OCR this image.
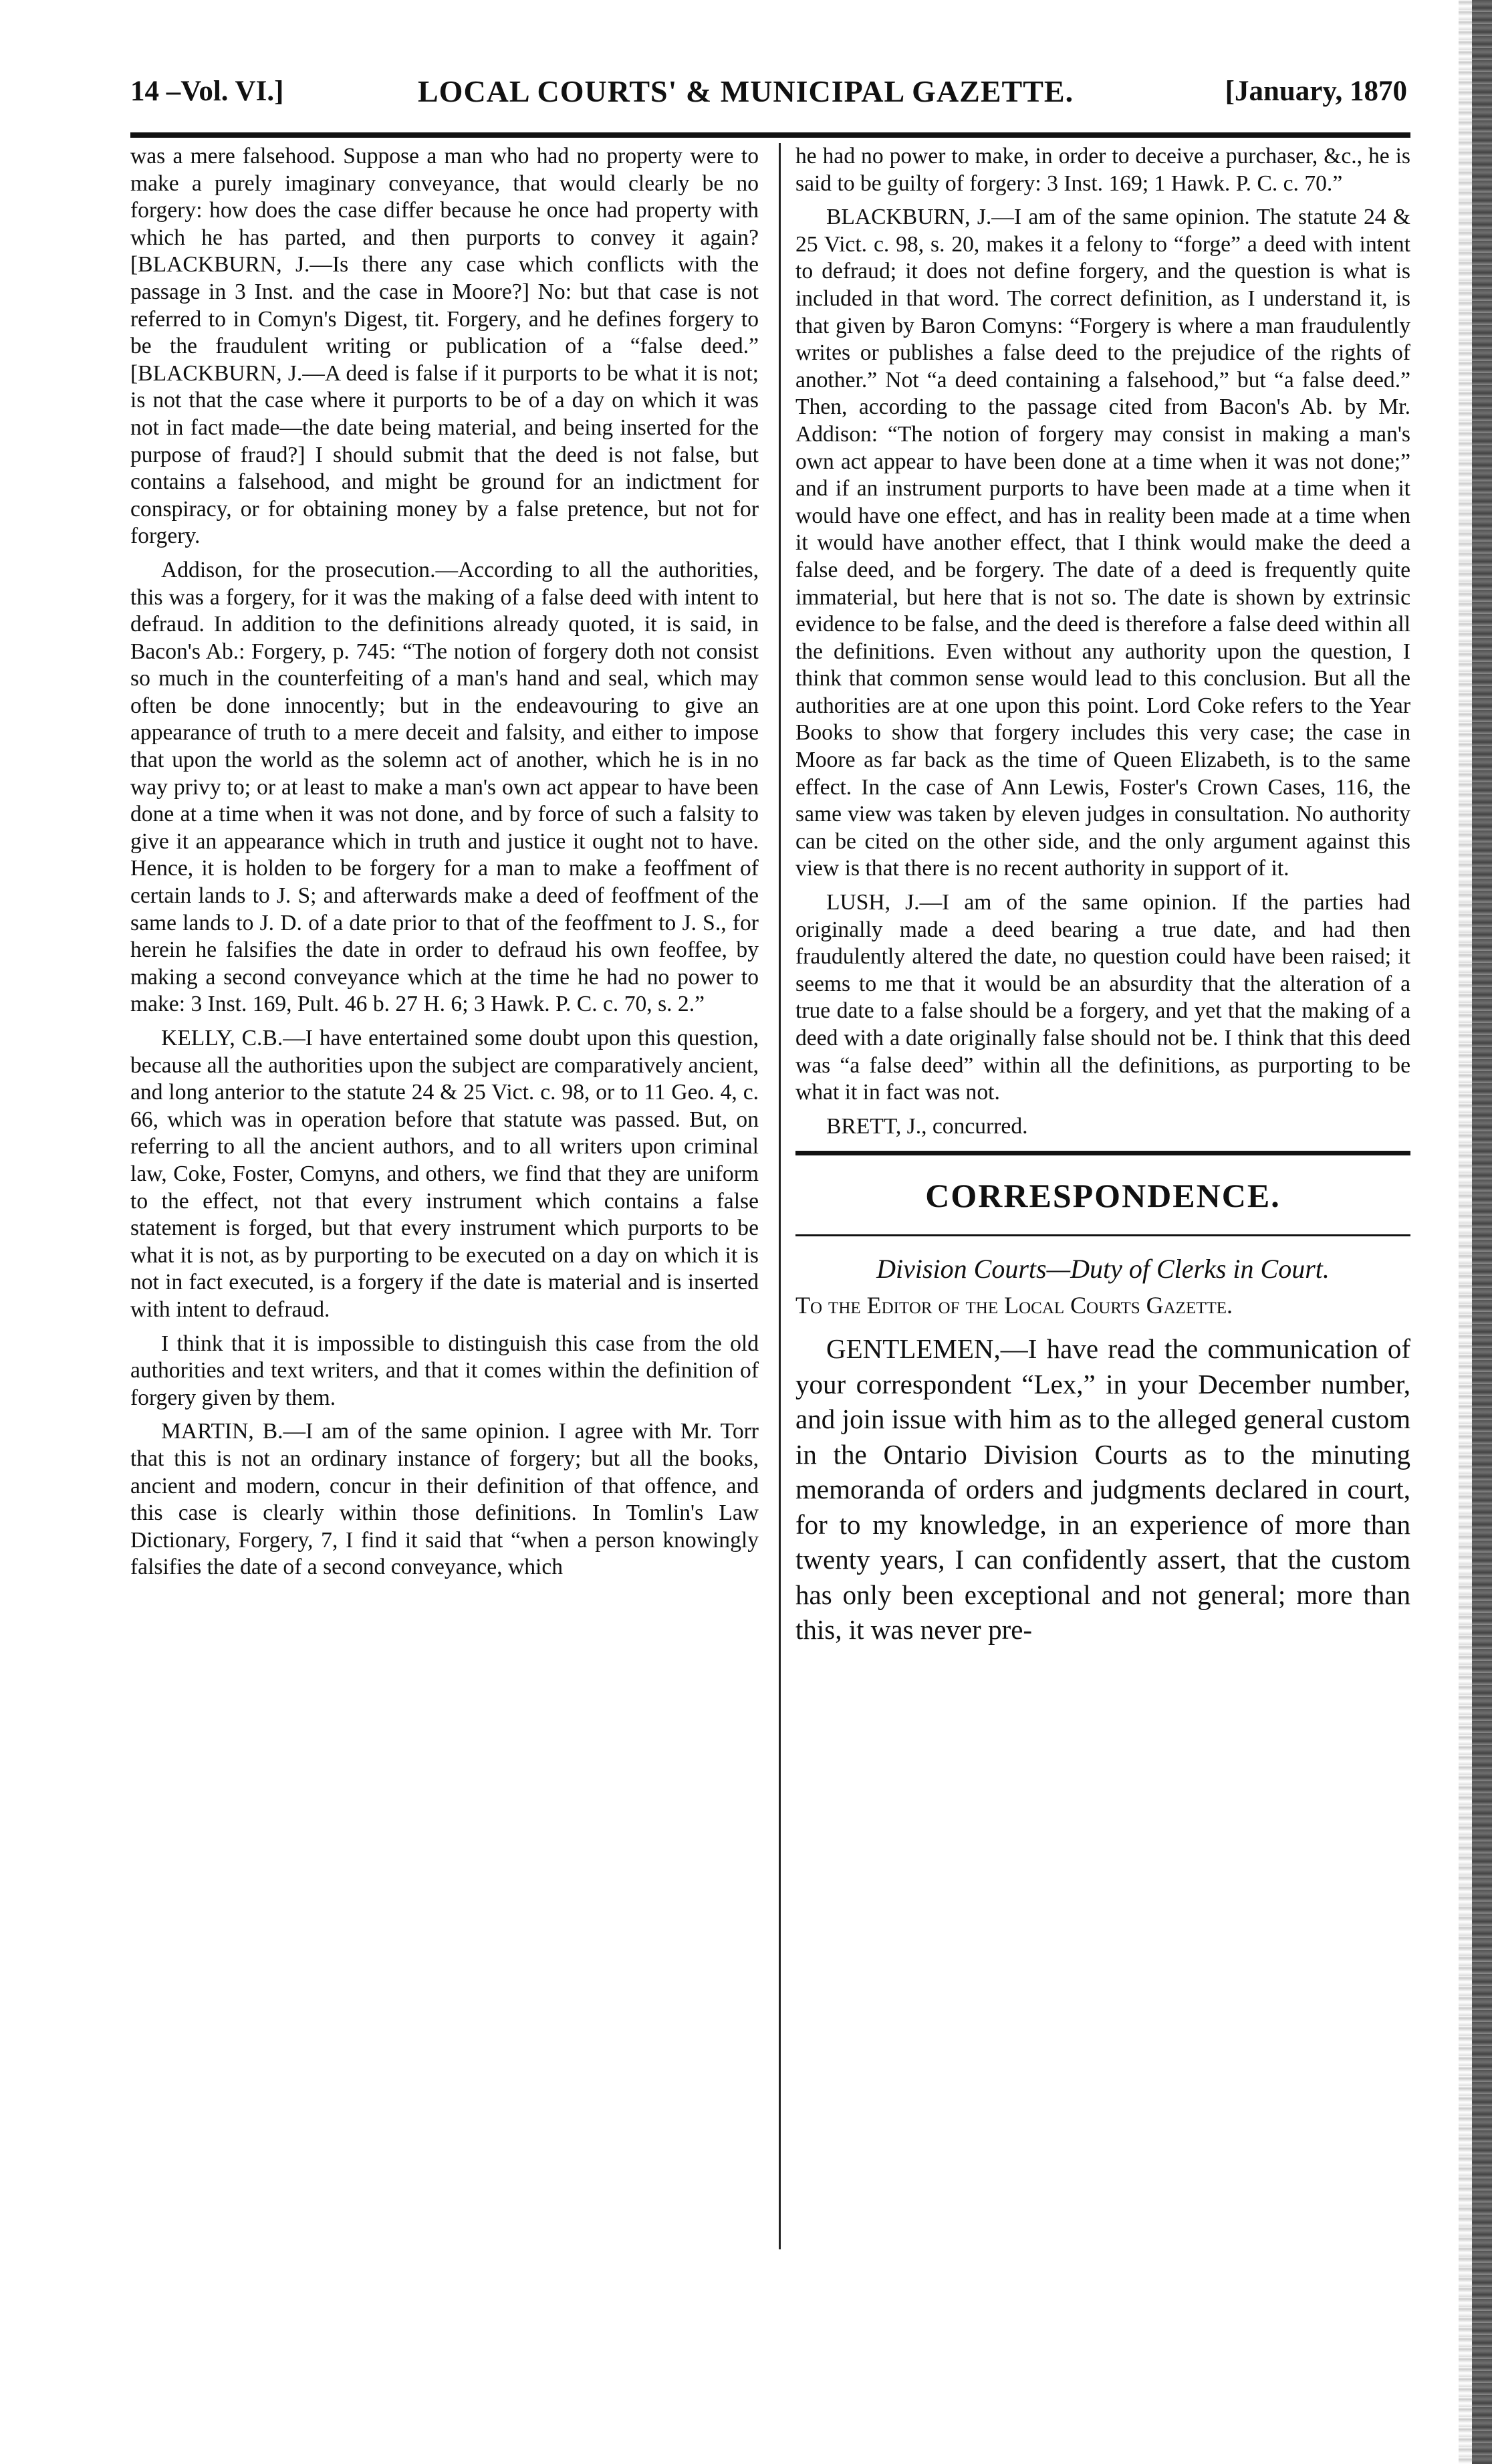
14 –Vol. VI.]	LOCAL COURTS' & MUNICIPAL GAZETTE.	[January, 1870

was a mere falsehood. Suppose a man who had no property were to make a purely imaginary conveyance, that would clearly be no forgery: how does the case differ because he once had property with which he has parted, and then purports to convey it again? [BLACKBURN, J.—Is there any case which conflicts with the passage in 3 Inst. and the case in Moore?] No: but that case is not referred to in Comyn's Digest, tit. Forgery, and he defines forgery to be the fraudulent writing or publication of a “false deed.” [BLACKBURN, J.—A deed is false if it purports to be what it is not; is not that the case where it purports to be of a day on which it was not in fact made—the date being material, and being inserted for the purpose of fraud?] I should submit that the deed is not false, but contains a falsehood, and might be ground for an indictment for conspiracy, or for obtaining money by a false pretence, but not for forgery.

Addison, for the prosecution.—According to all the authorities, this was a forgery, for it was the making of a false deed with intent to defraud. In addition to the definitions already quoted, it is said, in Bacon's Ab.: Forgery, p. 745: “The notion of forgery doth not consist so much in the counterfeiting of a man's hand and seal, which may often be done innocently; but in the endeavouring to give an appearance of truth to a mere deceit and falsity, and either to impose that upon the world as the solemn act of another, which he is in no way privy to; or at least to make a man's own act appear to have been done at a time when it was not done, and by force of such a falsity to give it an appearance which in truth and justice it ought not to have. Hence, it is holden to be forgery for a man to make a feoffment of certain lands to J. S; and afterwards make a deed of feoffment of the same lands to J. D. of a date prior to that of the feoffment to J. S., for herein he falsifies the date in order to defraud his own feoffee, by making a second conveyance which at the time he had no power to make: 3 Inst. 169, Pult. 46 b. 27 H. 6; 3 Hawk. P. C. c. 70, s. 2.”

KELLY, C.B.—I have entertained some doubt upon this question, because all the authorities upon the subject are comparatively ancient, and long anterior to the statute 24 & 25 Vict. c. 98, or to 11 Geo. 4, c. 66, which was in operation before that statute was passed. But, on referring to all the ancient authors, and to all writers upon criminal law, Coke, Foster, Comyns, and others, we find that they are uniform to the effect, not that every instrument which contains a false statement is forged, but that every instrument which purports to be what it is not, as by purporting to be executed on a day on which it is not in fact executed, is a forgery if the date is material and is inserted with intent to defraud.

I think that it is impossible to distinguish this case from the old authorities and text writers, and that it comes within the definition of forgery given by them.

MARTIN, B.—I am of the same opinion. I agree with Mr. Torr that this is not an ordinary instance of forgery; but all the books, ancient and modern, concur in their definition of that offence, and this case is clearly within those definitions. In Tomlin's Law Dictionary, Forgery, 7, I find it said that “when a person knowingly falsifies the date of a second conveyance, which

he had no power to make, in order to deceive a purchaser, &c., he is said to be guilty of forgery: 3 Inst. 169; 1 Hawk. P. C. c. 70.”

BLACKBURN, J.—I am of the same opinion. The statute 24 & 25 Vict. c. 98, s. 20, makes it a felony to “forge” a deed with intent to defraud; it does not define forgery, and the question is what is included in that word. The correct definition, as I understand it, is that given by Baron Comyns: “Forgery is where a man fraudulently writes or publishes a false deed to the prejudice of the rights of another.” Not “a deed containing a falsehood,” but “a false deed.” Then, according to the passage cited from Bacon's Ab. by Mr. Addison: “The notion of forgery may consist in making a man's own act appear to have been done at a time when it was not done;” and if an instrument purports to have been made at a time when it would have one effect, and has in reality been made at a time when it would have another effect, that I think would make the deed a false deed, and be forgery. The date of a deed is frequently quite immaterial, but here that is not so. The date is shown by extrinsic evidence to be false, and the deed is therefore a false deed within all the definitions. Even without any authority upon the question, I think that common sense would lead to this conclusion. But all the authorities are at one upon this point. Lord Coke refers to the Year Books to show that forgery includes this very case; the case in Moore as far back as the time of Queen Elizabeth, is to the same effect. In the case of Ann Lewis, Foster's Crown Cases, 116, the same view was taken by eleven judges in consultation. No authority can be cited on the other side, and the only argument against this view is that there is no recent authority in support of it.

LUSH, J.—I am of the same opinion. If the parties had originally made a deed bearing a true date, and had then fraudulently altered the date, no question could have been raised; it seems to me that it would be an absurdity that the alteration of a true date to a false should be a forgery, and yet that the making of a deed with a date originally false should not be. I think that this deed was “a false deed” within all the definitions, as purporting to be what it in fact was not.

BRETT, J., concurred.

CORRESPONDENCE.
Division Courts—Duty of Clerks in Court.
To the Editor of the Local Courts Gazette.
GENTLEMEN,—I have read the communication of your correspondent “Lex,” in your December number, and join issue with him as to the alleged general custom in the Ontario Division Courts as to the minuting memoranda of orders and judgments declared in court, for to my knowledge, in an experience of more than twenty years, I can confidently assert, that the custom has only been exceptional and not general; more than this, it was never pre-
